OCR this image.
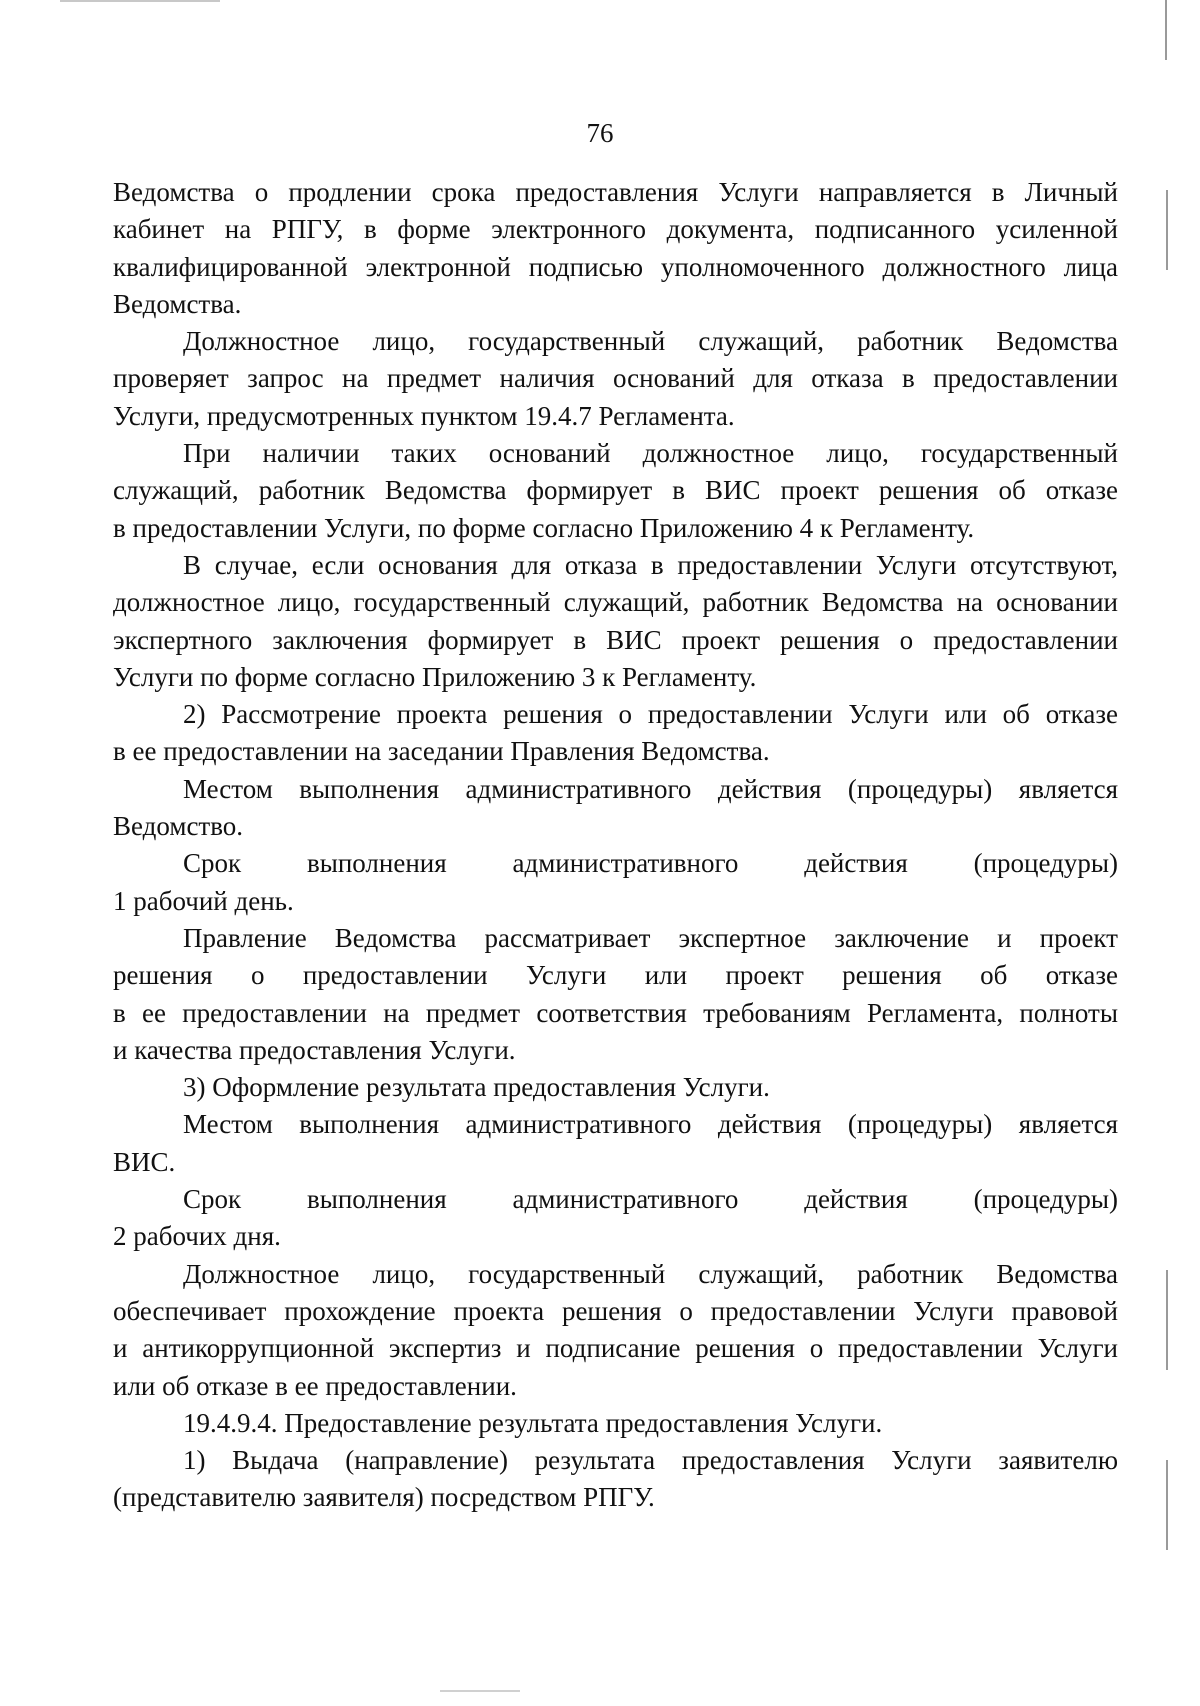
76

Ведомства о продлении срока предоставления Услуги направляется в Личный
кабинет на РПГУ, в форме электронного документа, подписанного усиленной
квалифицированной электронной подписью уполномоченного должностного лица
Ведомства.

Должностное лицо, государственный служащий, работник Ведомства
проверяет запрос на предмет наличия оснований для отказа в предоставлении
Услуги, предусмотренных пунктом 19.4.7 Регламента.

При наличии таких оснований должностное лицо, государственный
служащий, работник Ведомства формирует в ВИС проект решения об отказе
в предоставлении Услуги, по форме согласно Приложению 4 к Регламенту.

В случае, если основания для отказа в предоставлении Услуги отсутствуют,
должностное лицо, государственный служащий, работник Ведомства на основании
экспертного заключения формирует в ВИС проект решения о предоставлении
Услуги по форме согласно Приложению 3 к Регламенту.

2) Рассмотрение проекта решения о предоставлении Услуги или об отказе
в ее предоставлении на заседании Правления Ведомства.

Местом выполнения административного действия (процедуры) является
Ведомство.

Срок выполнения административного действия (процедуры)
1 рабочий день.

Правление Ведомства рассматривает экспертное заключение и проект
решения о предоставлении Услуги или проект решения об отказе
в ее предоставлении на предмет соответствия требованиям Регламента, полноты
и качества предоставления Услуги.

3) Оформление результата предоставления Услуги.

Местом выполнения административного действия (процедуры) является
ВИС.

Срок выполнения административного действия (процедуры)
2 рабочих дня.

Должностное лицо, государственный служащий, работник Ведомства
обеспечивает прохождение проекта решения о предоставлении Услуги правовой
и антикоррупционной экспертиз и подписание решения о предоставлении Услуги
или об отказе в ее предоставлении.

19.4.9.4. Предоставление результата предоставления Услуги.

1) Выдача (направление) результата предоставления Услуги заявителю
(представителю заявителя) посредством РПГУ.
